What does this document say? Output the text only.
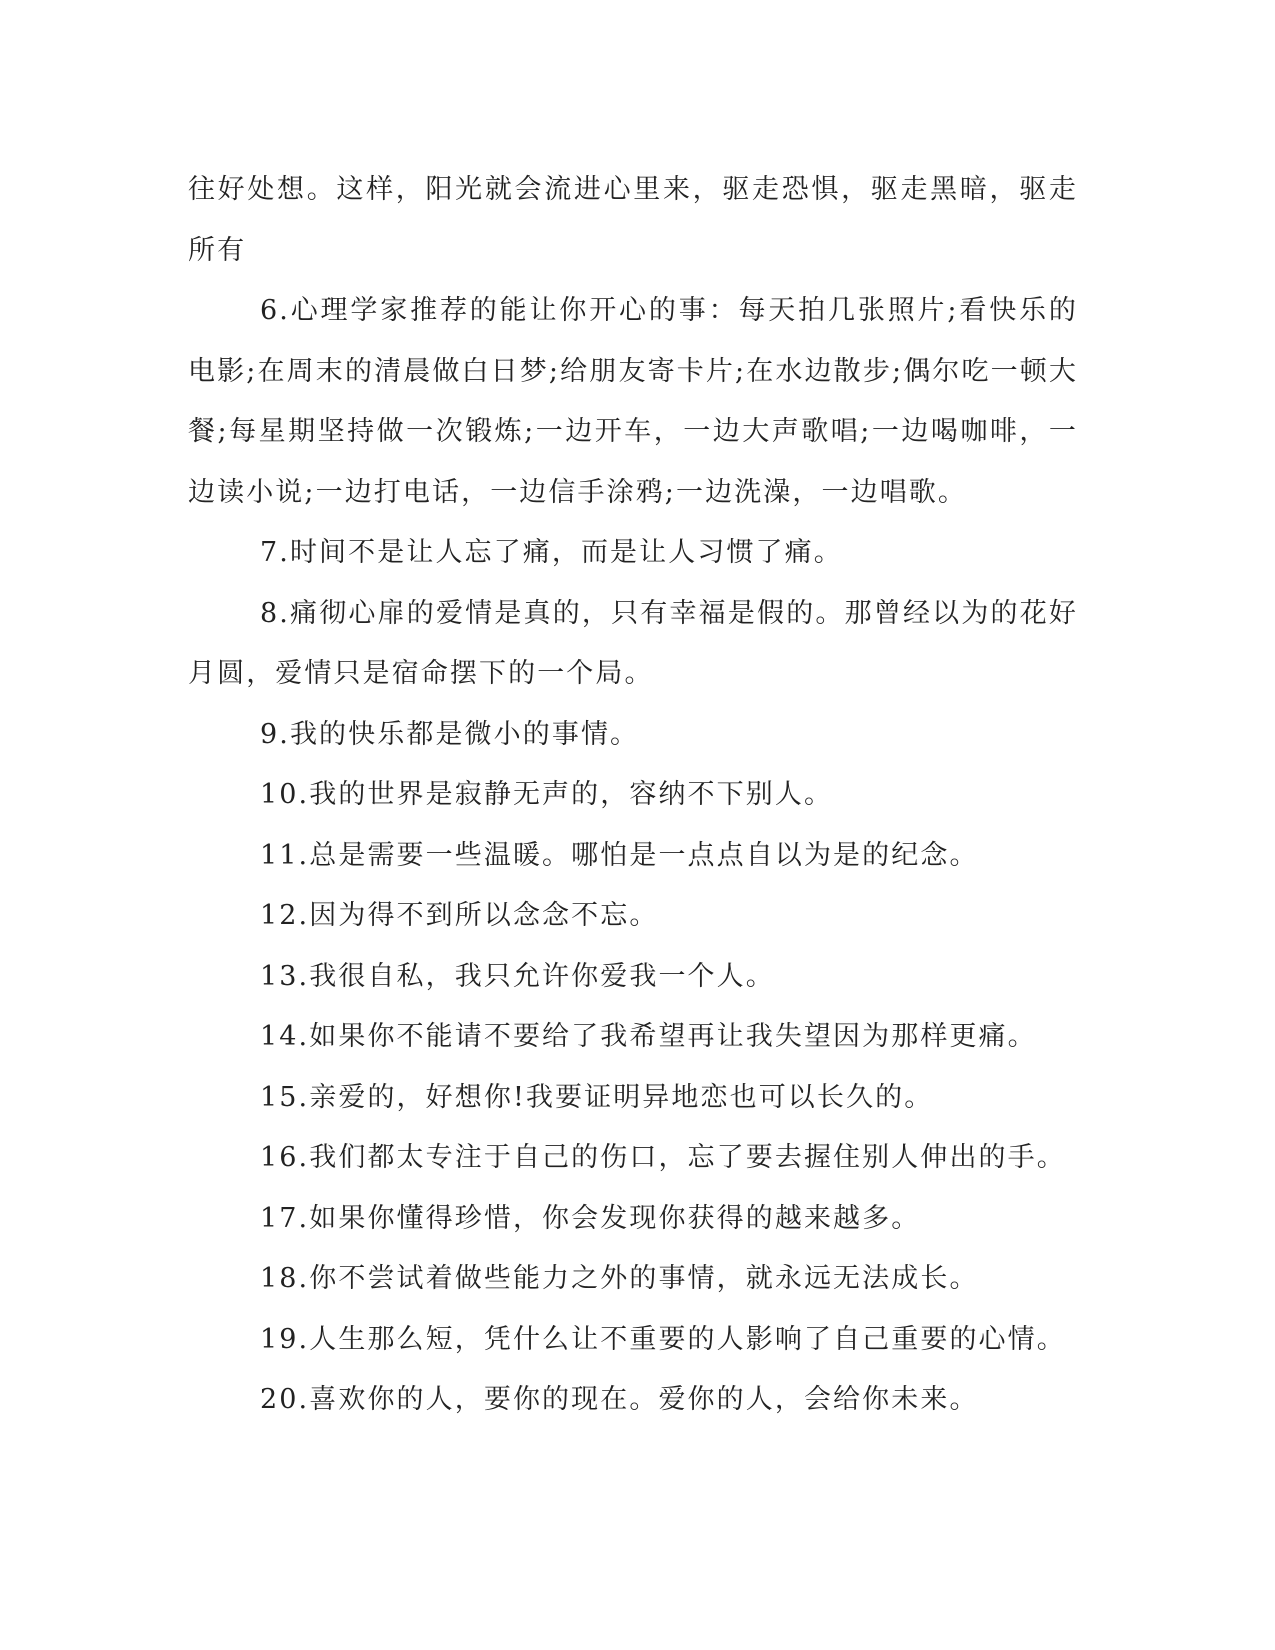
往好处想。这样，阳光就会流进心里来，驱走恐惧，驱走黑暗，驱走所有

6.心理学家推荐的能让你开心的事：每天拍几张照片;看快乐的电影;在周末的清晨做白日梦;给朋友寄卡片;在水边散步;偶尔吃一顿大餐;每星期坚持做一次锻炼;一边开车，一边大声歌唱;一边喝咖啡，一边读小说;一边打电话，一边信手涂鸦;一边洗澡，一边唱歌。

7.时间不是让人忘了痛，而是让人习惯了痛。

8.痛彻心扉的爱情是真的，只有幸福是假的。那曾经以为的花好月圆，爱情只是宿命摆下的一个局。

9.我的快乐都是微小的事情。

10.我的世界是寂静无声的，容纳不下别人。

11.总是需要一些温暖。哪怕是一点点自以为是的纪念。

12.因为得不到所以念念不忘。

13.我很自私，我只允许你爱我一个人。

14.如果你不能请不要给了我希望再让我失望因为那样更痛。

15.亲爱的，好想你!我要证明异地恋也可以长久的。

16.我们都太专注于自己的伤口，忘了要去握住别人伸出的手。

17.如果你懂得珍惜，你会发现你获得的越来越多。

18.你不尝试着做些能力之外的事情，就永远无法成长。

19.人生那么短，凭什么让不重要的人影响了自己重要的心情。

20.喜欢你的人，要你的现在。爱你的人，会给你未来。
